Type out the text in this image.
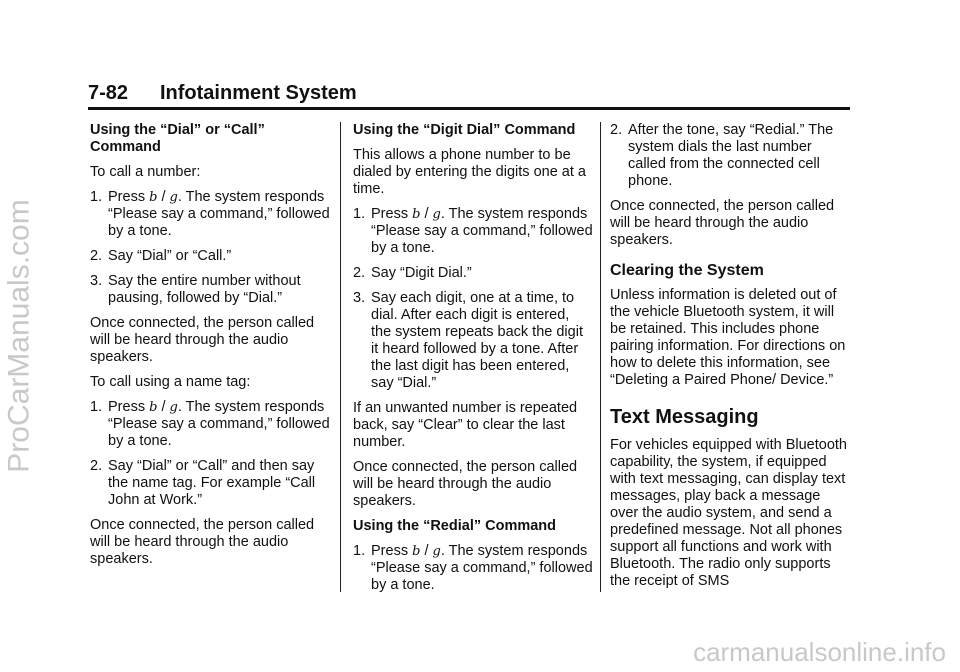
ProCarManuals.com
7-82	Infotainment System

Using the “Dial” or “Call” Command

To call a number:

1. Press b / g. The system responds “Please say a command,” followed by a tone.
2. Say “Dial” or “Call.”
3. Say the entire number without pausing, followed by “Dial.”

Once connected, the person called will be heard through the audio speakers.

To call using a name tag:

1. Press b / g. The system responds “Please say a command,” followed by a tone.
2. Say “Dial” or “Call” and then say the name tag. For example “Call John at Work.”

Once connected, the person called will be heard through the audio speakers.

Using the “Digit Dial” Command

This allows a phone number to be dialed by entering the digits one at a time.

1. Press b / g. The system responds “Please say a command,” followed by a tone.
2. Say “Digit Dial.”
3. Say each digit, one at a time, to dial. After each digit is entered, the system repeats back the digit it heard followed by a tone. After the last digit has been entered, say “Dial.”

If an unwanted number is repeated back, say “Clear” to clear the last number.

Once connected, the person called will be heard through the audio speakers.

Using the “Redial” Command

1. Press b / g. The system responds “Please say a command,” followed by a tone.
2. After the tone, say “Redial.” The system dials the last number called from the connected cell phone.

Once connected, the person called will be heard through the audio speakers.

Clearing the System

Unless information is deleted out of the vehicle Bluetooth system, it will be retained. This includes phone pairing information. For directions on how to delete this information, see “Deleting a Paired Phone/ Device.”

Text Messaging

For vehicles equipped with Bluetooth capability, the system, if equipped with text messaging, can display text messages, play back a message over the audio system, and send a predefined message. Not all phones support all functions and work with Bluetooth. The radio only supports the receipt of SMS

carmanualsonline.info
